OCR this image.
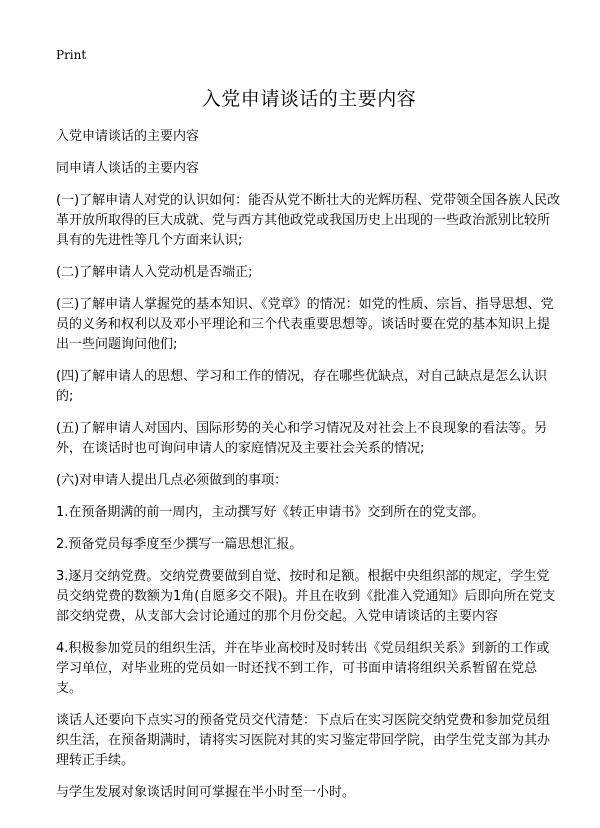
Print
入党申请谈话的主要内容

入党申请谈话的主要内容

同申请人谈话的主要内容

(一)了解申请人对党的认识如何：能否从党不断壮大的光辉历程、党带领全国各族人民改革开放所取得的巨大成就、党与西方其他政党或我国历史上出现的一些政治派别比较所具有的先进性等几个方面来认识;

(二)了解申请人入党动机是否端正;

(三)了解申请人掌握党的基本知识、《党章》的情况：如党的性质、宗旨、指导思想、党员的义务和权利以及邓小平理论和三个代表重要思想等。谈话时要在党的基本知识上提出一些问题询问他们;

(四)了解申请人的思想、学习和工作的情况，存在哪些优缺点，对自己缺点是怎么认识的;

(五)了解申请人对国内、国际形势的关心和学习情况及对社会上不良现象的看法等。另外，在谈话时也可询问申请人的家庭情况及主要社会关系的情况;

(六)对申请人提出几点必须做到的事项：

1.在预备期满的前一周内，主动撰写好《转正申请书》交到所在的党支部。

2.预备党员每季度至少撰写一篇思想汇报。

3.逐月交纳党费。交纳党费要做到自觉、按时和足额。根据中央组织部的规定，学生党员交纳党费的数额为1角(自愿多交不限)。并且在收到《批准入党通知》后即向所在党支部交纳党费，从支部大会讨论通过的那个月份交起。入党申请谈话的主要内容

4.积极参加党员的组织生活，并在毕业高校时及时转出《党员组织关系》到新的工作或学习单位，对毕业班的党员如一时还找不到工作，可书面申请将组织关系暂留在党总支。

谈话人还要向下点实习的预备党员交代清楚：下点后在实习医院交纳党费和参加党员组织生活，在预备期满时，请将实习医院对其的实习鉴定带回学院，由学生党支部为其办理转正手续。

与学生发展对象谈话时间可掌握在半小时至一小时。
